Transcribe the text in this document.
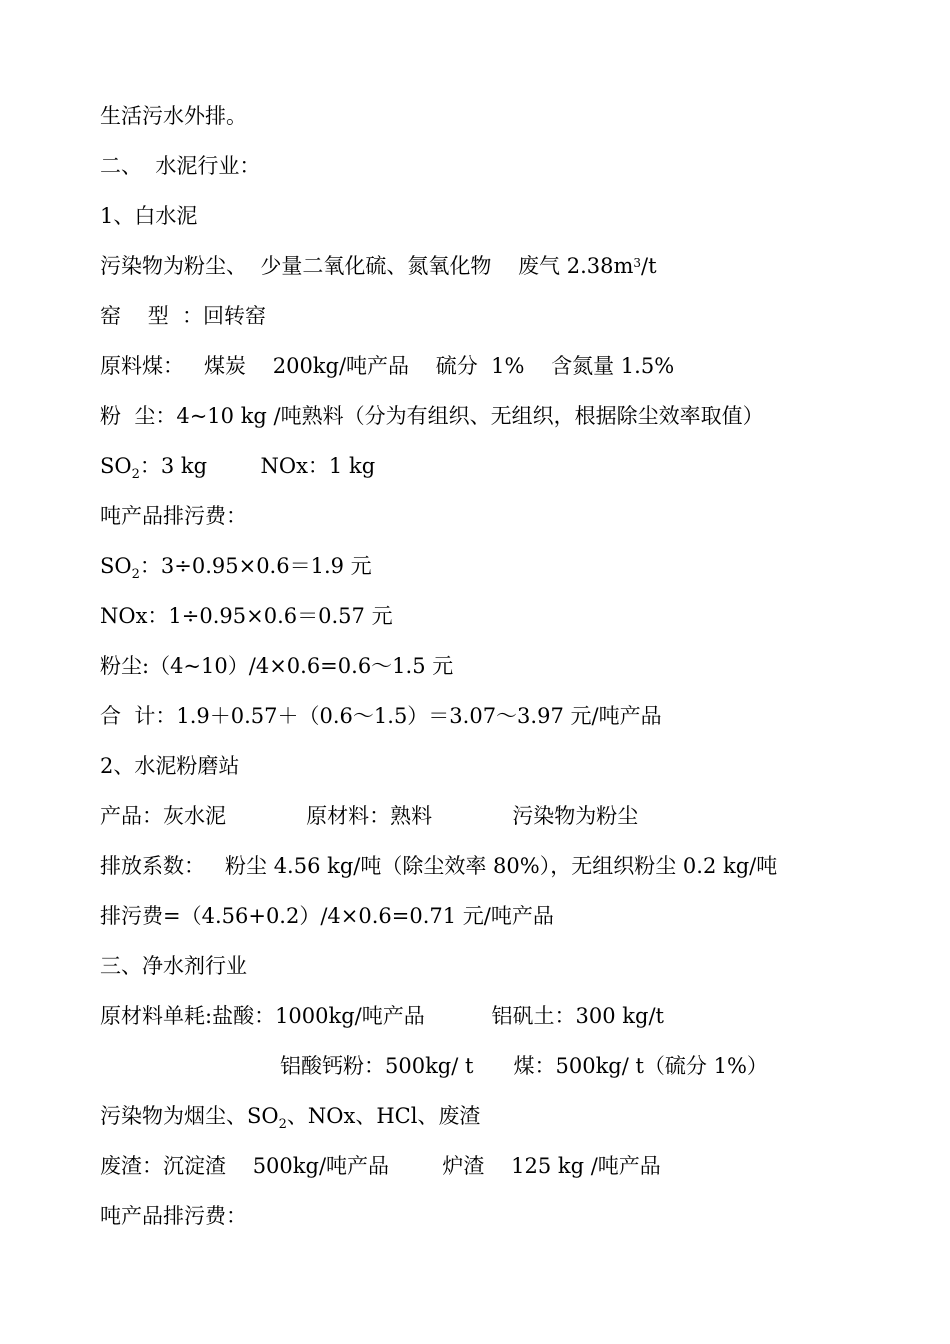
生活污水外排。
二、  水泥行业：
1、白水泥
污染物为粉尘、  少量二氧化硫、氮氧化物    废气 $2.38m^3/t$
窑    型  ：回转窑
原料煤：   煤炭    200kg/吨产品    硫分  1%    含氮量 1.5%
粉  尘：4~10 kg /吨熟料（分为有组织、无组织，根据除尘效率取值）
$SO_2$：3 kg        NOx：1 kg
吨产品排污费：
$SO_2$：3÷0.95×0.6＝1.9 元
NOx：1÷0.95×0.6＝0.57 元
粉尘:（4~10）/4×0.6=0.6～1.5 元
合  计：1.9＋0.57＋（0.6～1.5）＝3.07～3.97 元/吨产品
2、水泥粉磨站
产品：灰水泥            原材料：熟料            污染物为粉尘
排放系数：   粉尘 4.56 kg/吨（除尘效率 80%），无组织粉尘 0.2 kg/吨
排污费=（4.56+0.2）/4×0.6=0.71 元/吨产品
三、净水剂行业
原材料单耗:盐酸：1000kg/吨产品          铝矾土：300 kg/t
铝酸钙粉：500kg/ t      煤：500kg/ t（硫分 1%）
污染物为烟尘、$SO_2$、NOx、HCl、废渣
废渣：沉淀渣    500kg/吨产品        炉渣    125 kg /吨产品
吨产品排污费：
